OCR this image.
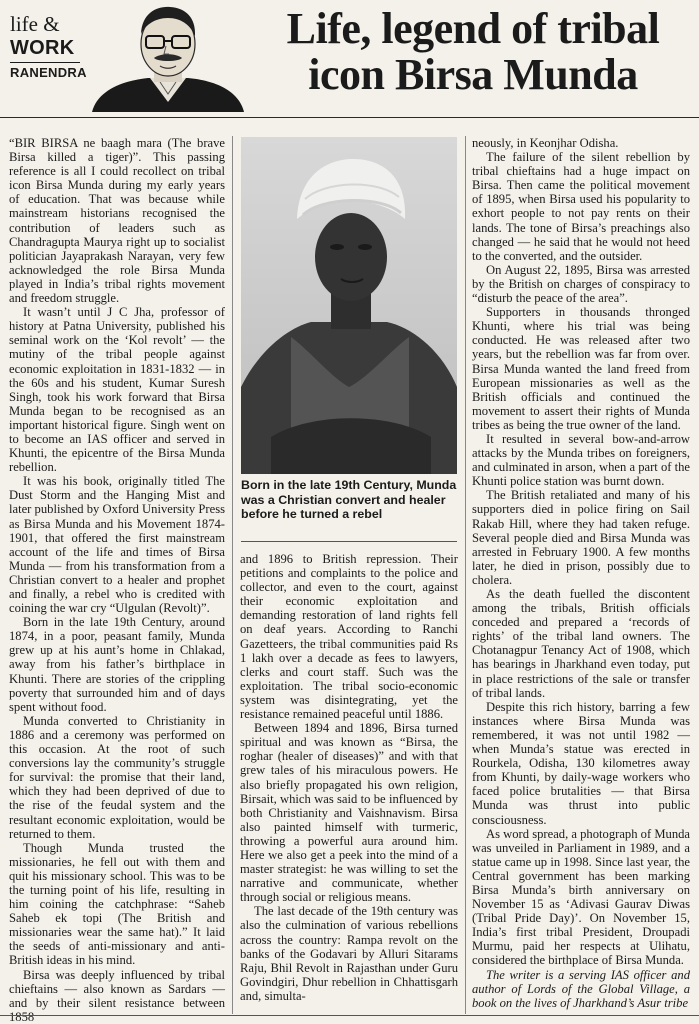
life &
WORK
RANENDRA
Life, legend of tribal icon Birsa Munda

“BIR BIRSA ne baagh mara (The brave Birsa killed a tiger)”. This passing reference is all I could recollect on tribal icon Birsa Munda during my early years of education. That was because while mainstream historians recognised the contribution of leaders such as Chandragupta Maurya right up to socialist politician Jayaprakash Narayan, very few acknowledged the role Birsa Munda played in India’s tribal rights movement and freedom struggle.

It wasn’t until J C Jha, professor of history at Patna University, published his seminal work on the ‘Kol revolt’ — the mutiny of the tribal people against economic exploitation in 1831-1832 — in the 60s and his student, Kumar Suresh Singh, took his work forward that Birsa Munda began to be recognised as an important historical figure. Singh went on to become an IAS officer and served in Khunti, the epicentre of the Birsa Munda rebellion.

It was his book, originally titled The Dust Storm and the Hanging Mist and later published by Oxford University Press as Birsa Munda and his Movement 1874-1901, that offered the first mainstream account of the life and times of Birsa Munda — from his transformation from a Christian convert to a healer and prophet and finally, a rebel who is credited with coining the war cry “Ulgulan (Revolt)”.

Born in the late 19th Century, around 1874, in a poor, peasant family, Munda grew up at his aunt’s home in Chlakad, away from his father’s birthplace in Khunti. There are stories of the crippling poverty that surrounded him and of days spent without food.

Munda converted to Christianity in 1886 and a ceremony was performed on this occasion. At the root of such conversions lay the community’s struggle for survival: the promise that their land, which they had been deprived of due to the rise of the feudal system and the resultant economic exploitation, would be returned to them.

Though Munda trusted the missionaries, he fell out with them and quit his missionary school. This was to be the turning point of his life, resulting in him coining the catchphrase: “Saheb Saheb ek topi (The British and missionaries wear the same hat).” It laid the seeds of anti-missionary and anti-British ideas in his mind.

Birsa was deeply influenced by tribal chieftains — also known as Sardars — and by their silent resistance between 1858

Born in the late 19th Century, Munda was a Christian convert and healer before he turned a rebel

and 1896 to British repression. Their petitions and complaints to the police and collector, and even to the court, against their economic exploitation and demanding restoration of land rights fell on deaf years. According to Ranchi Gazetteers, the tribal communities paid Rs 1 lakh over a decade as fees to lawyers, clerks and court staff. Such was the exploitation. The tribal socio-economic system was disintegrating, yet the resistance remained peaceful until 1886.

Between 1894 and 1896, Birsa turned spiritual and was known as “Birsa, the roghar (healer of diseases)” and with that grew tales of his miraculous powers. He also briefly propagated his own religion, Birsait, which was said to be influenced by both Christianity and Vaishnavism. Birsa also painted himself with turmeric, throwing a powerful aura around him. Here we also get a peek into the mind of a master strategist: he was willing to set the narrative and communicate, whether through social or religious means.

The last decade of the 19th century was also the culmination of various rebellions across the country: Rampa revolt on the banks of the Godavari by Alluri Sitarams Raju, Bhil Revolt in Rajasthan under Guru Govindgiri, Dhur rebellion in Chhattisgarh and, simulta-

neously, in Keonjhar Odisha.

The failure of the silent rebellion by tribal chieftains had a huge impact on Birsa. Then came the political movement of 1895, when Birsa used his popularity to exhort people to not pay rents on their lands. The tone of Birsa’s preachings also changed — he said that he would not heed to the converted, and the outsider.

On August 22, 1895, Birsa was arrested by the British on charges of conspiracy to “disturb the peace of the area”.

Supporters in thousands thronged Khunti, where his trial was being conducted. He was released after two years, but the rebellion was far from over. Birsa Munda wanted the land freed from European missionaries as well as the British officials and continued the movement to assert their rights of Munda tribes as being the true owner of the land.

It resulted in several bow-and-arrow attacks by the Munda tribes on foreigners, and culminated in arson, when a part of the Khunti police station was burnt down.

The British retaliated and many of his supporters died in police firing on Sail Rakab Hill, where they had taken refuge. Several people died and Birsa Munda was arrested in February 1900. A few months later, he died in prison, possibly due to cholera.

As the death fuelled the discontent among the tribals, British officials conceded and prepared a ‘records of rights’ of the tribal land owners. The Chotanagpur Tenancy Act of 1908, which has bearings in Jharkhand even today, put in place restrictions of the sale or transfer of tribal lands.

Despite this rich history, barring a few instances where Birsa Munda was remembered, it was not until 1982 — when Munda’s statue was erected in Rourkela, Odisha, 130 kilometres away from Khunti, by daily-wage workers who faced police brutalities — that Birsa Munda was thrust into public consciousness.

As word spread, a photograph of Munda was unveiled in Parliament in 1989, and a statue came up in 1998. Since last year, the Central government has been marking Birsa Munda’s birth anniversary on November 15 as ‘Adivasi Gaurav Diwas (Tribal Pride Day)’. On November 15, India’s first tribal President, Droupadi Murmu, paid her respects at Ulihatu, considered the birthplace of Birsa Munda.

The writer is a serving IAS officer and author of Lords of the Global Village, a book on the lives of Jharkhand’s Asur tribe
